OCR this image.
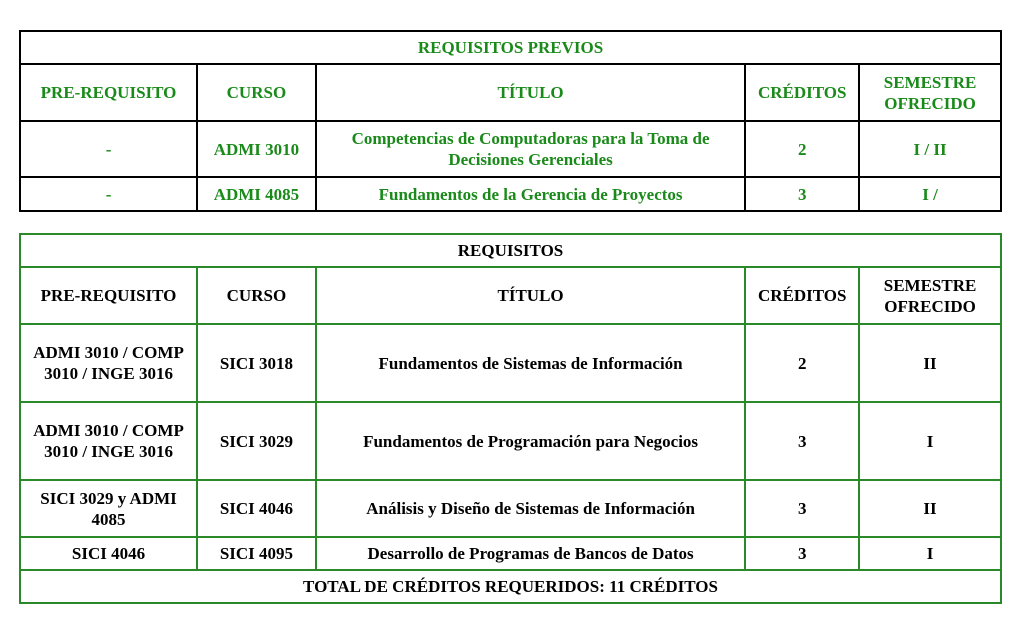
REQUISITOS PREVIOS				
PRE-REQUISITO	CURSO	TÍTULO	CRÉDITOS	SEMESTRE OFRECIDO
-	ADMI 3010	Competencias de Computadoras para la Toma de Decisiones Gerenciales	2	I / II
-	ADMI 4085	Fundamentos de la Gerencia de Proyectos	3	I /
REQUISITOS				
PRE-REQUISITO	CURSO	TÍTULO	CRÉDITOS	SEMESTRE OFRECIDO
ADMI 3010 / COMP 3010 / INGE 3016	SICI 3018	Fundamentos de Sistemas de Información	2	II
ADMI 3010 / COMP 3010 / INGE 3016	SICI 3029	Fundamentos de Programación para Negocios	3	I
SICI 3029 y ADMI 4085	SICI 4046	Análisis y Diseño de Sistemas de Información	3	II
SICI 4046	SICI 4095	Desarrollo de Programas de Bancos de Datos	3	I
TOTAL DE CRÉDITOS REQUERIDOS: 11 CRÉDITOS				
